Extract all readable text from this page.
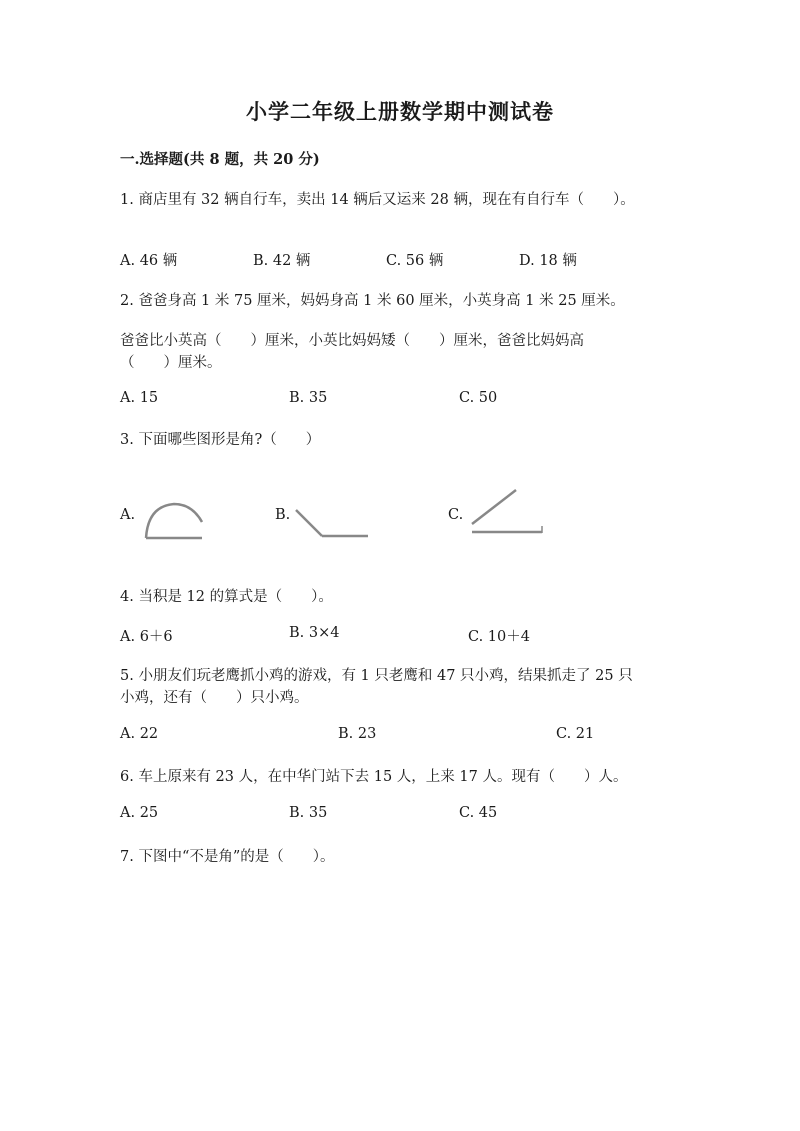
小学二年级上册数学期中测试卷
一.选择题(共 8 题，共 20 分)
1. 商店里有 32 辆自行车，卖出 14 辆后又运来 28 辆，现在有自行车（　　）。
A. 46 辆	B. 42 辆	C. 56 辆	D. 18 辆
2. 爸爸身高 1 米 75 厘米，妈妈身高 1 米 60 厘米，小英身高 1 米 25 厘米。
爸爸比小英高（　　）厘米，小英比妈妈矮（　　）厘米，爸爸比妈妈高
（　　）厘米。
A. 15	B. 35	C. 50
3. 下面哪些图形是角?（　　）
A.	B.	C.
4. 当积是 12 的算式是（　　）。
A. 6＋6	B. 3×4	C. 10＋4
5. 小朋友们玩老鹰抓小鸡的游戏，有 1 只老鹰和 47 只小鸡，结果抓走了 25 只
小鸡，还有（　　）只小鸡。
A. 22	B. 23	C. 21
6. 车上原来有 23 人，在中华门站下去 15 人，上来 17 人。现有（　　）人。
A. 25	B. 35	C. 45
7. 下图中“不是角”的是（　　）。
